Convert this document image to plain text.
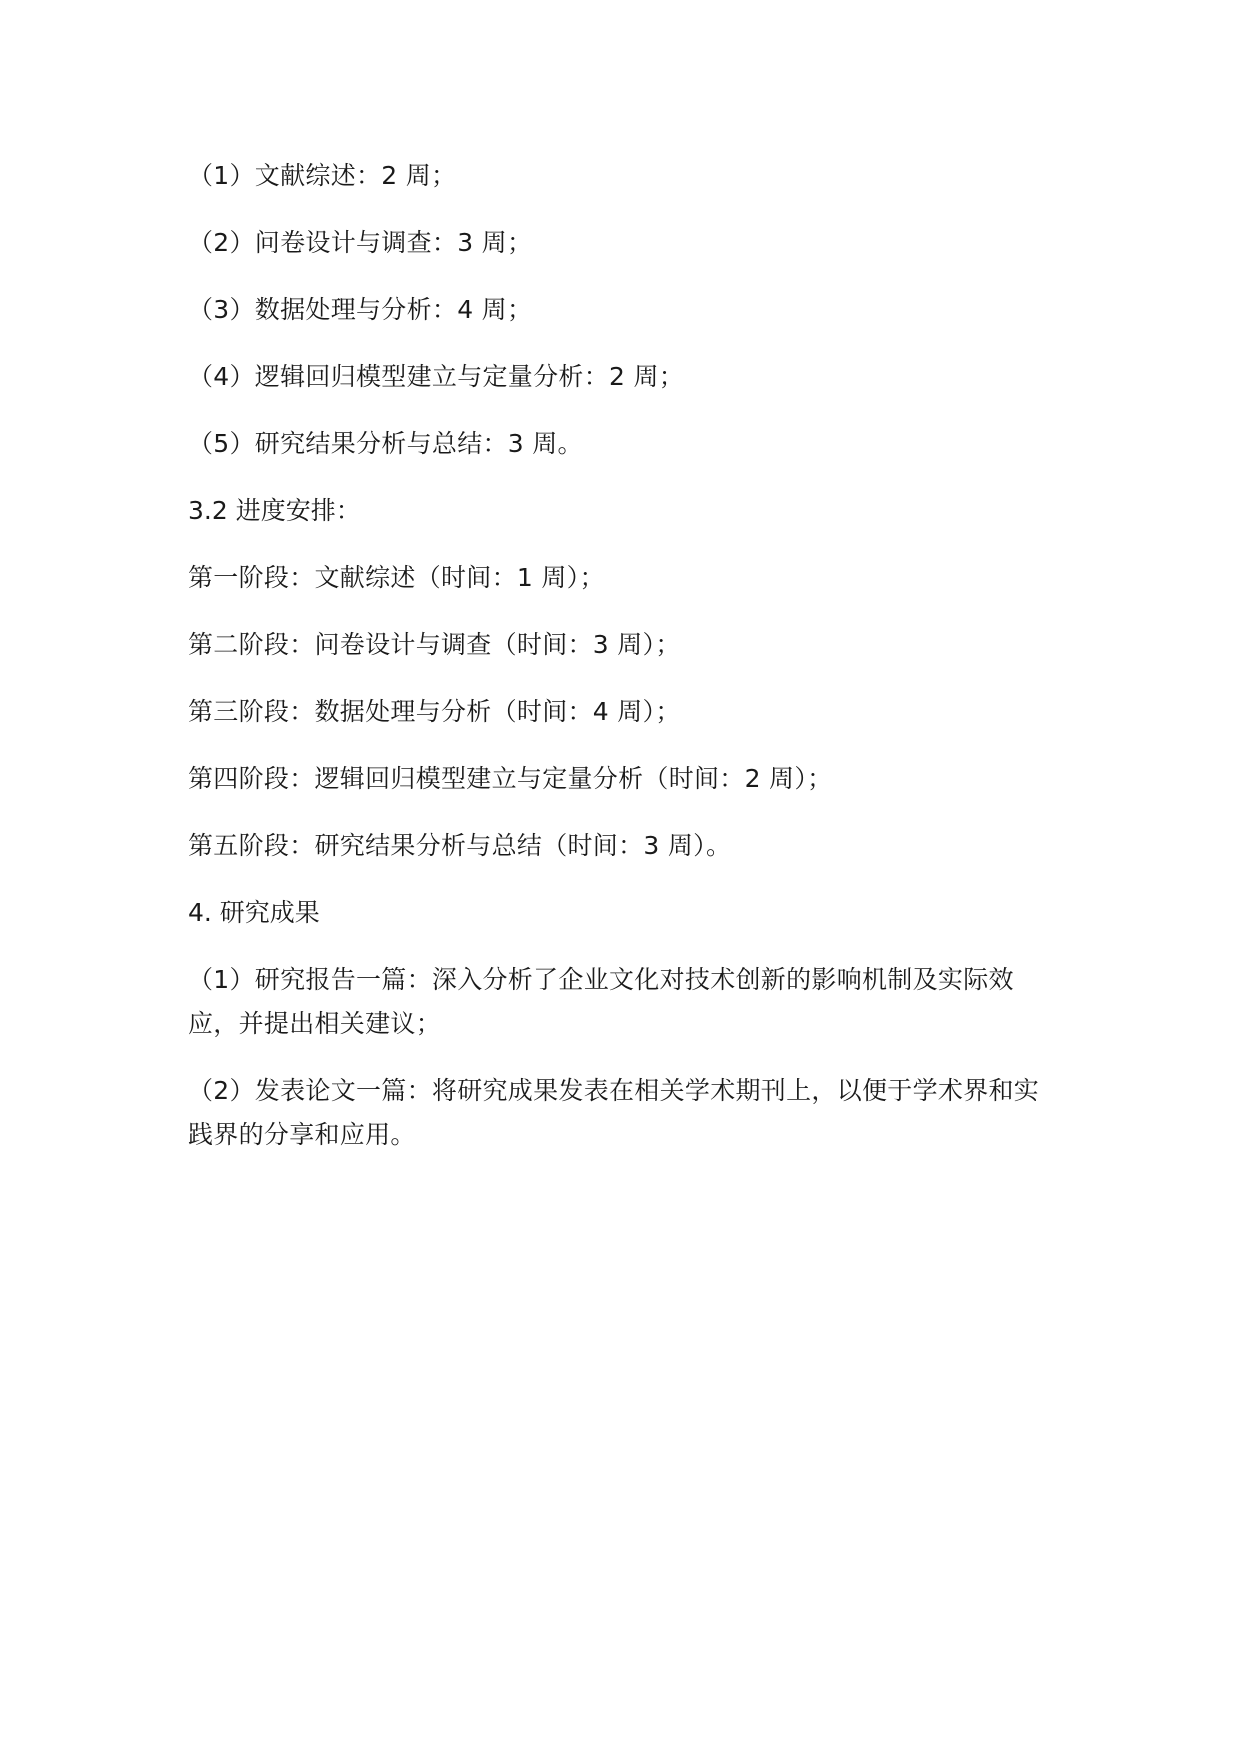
（1）文献综述：2 周；
（2）问卷设计与调查：3 周；
（3）数据处理与分析：4 周；
（4）逻辑回归模型建立与定量分析：2 周；
（5）研究结果分析与总结：3 周。
3.2 进度安排：
第一阶段：文献综述（时间：1 周）；
第二阶段：问卷设计与调查（时间：3 周）；
第三阶段：数据处理与分析（时间：4 周）；
第四阶段：逻辑回归模型建立与定量分析（时间：2 周）；
第五阶段：研究结果分析与总结（时间：3 周）。
4. 研究成果
（1）研究报告一篇：深入分析了企业文化对技术创新的影响机制及实际效应，并提出相关建议；
（2）发表论文一篇：将研究成果发表在相关学术期刊上，以便于学术界和实践界的分享和应用。
